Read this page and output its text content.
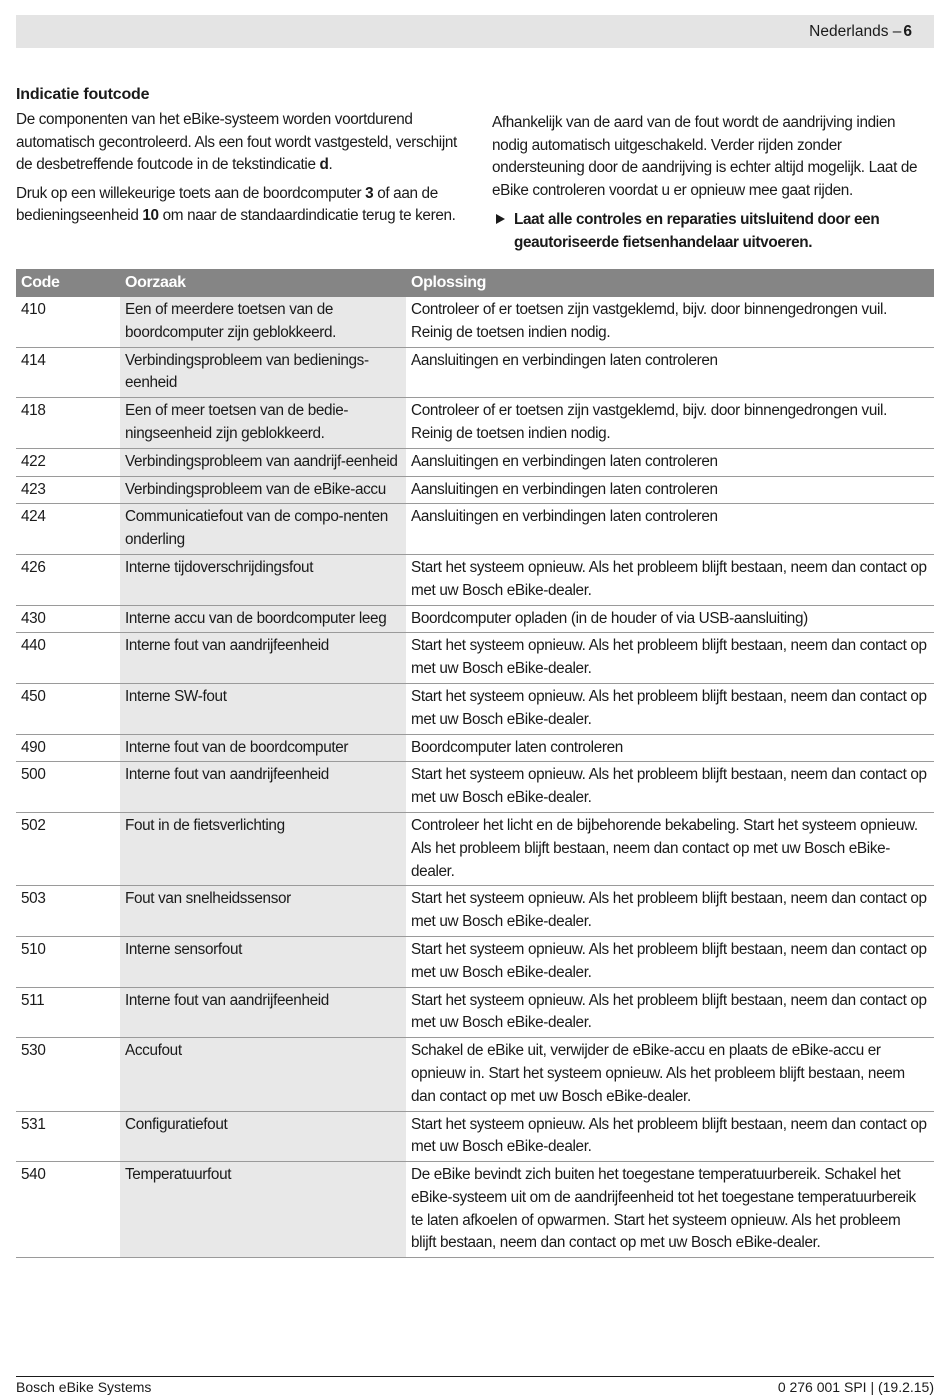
Nederlands – 6
Indicatie foutcode

De componenten van het eBike-systeem worden voortdurend automatisch gecontroleerd. Als een fout wordt vastgesteld, verschijnt de desbetreffende foutcode in de tekstindicatie d.

Druk op een willekeurige toets aan de boordcomputer 3 of aan de bedieningseenheid 10 om naar de standaardindicatie terug te keren.

Afhankelijk van de aard van de fout wordt de aandrijving indien nodig automatisch uitgeschakeld. Verder rijden zonder ondersteuning door de aandrijving is echter altijd mogelijk. Laat de eBike controleren voordat u er opnieuw mee gaat rijden.

Laat alle controles en reparaties uitsluitend door een geautoriseerde fietsenhandelaar uitvoeren.
Code	Oorzaak	Oplossing
410	Een of meerdere toetsen van de boordcomputer zijn geblokkeerd.	Controleer of er toetsen zijn vastgeklemd, bijv. door binnengedrongen vuil. Reinig de toetsen indien nodig.
414	Verbindingsprobleem van bedienings-eenheid	Aansluitingen en verbindingen laten controleren
418	Een of meer toetsen van de bedie-ningseenheid zijn geblokkeerd.	Controleer of er toetsen zijn vastgeklemd, bijv. door binnengedrongen vuil. Reinig de toetsen indien nodig.
422	Verbindingsprobleem van aandrijf-eenheid	Aansluitingen en verbindingen laten controleren
423	Verbindingsprobleem van de eBike-accu	Aansluitingen en verbindingen laten controleren
424	Communicatiefout van de compo-nenten onderling	Aansluitingen en verbindingen laten controleren
426	Interne tijdoverschrijdingsfout	Start het systeem opnieuw. Als het probleem blijft bestaan, neem dan contact op met uw Bosch eBike-dealer.
430	Interne accu van de boordcomputer leeg	Boordcomputer opladen (in de houder of via USB-aansluiting)
440	Interne fout van aandrijfeenheid	Start het systeem opnieuw. Als het probleem blijft bestaan, neem dan contact op met uw Bosch eBike-dealer.
450	Interne SW-fout	Start het systeem opnieuw. Als het probleem blijft bestaan, neem dan contact op met uw Bosch eBike-dealer.
490	Interne fout van de boordcomputer	Boordcomputer laten controleren
500	Interne fout van aandrijfeenheid	Start het systeem opnieuw. Als het probleem blijft bestaan, neem dan contact op met uw Bosch eBike-dealer.
502	Fout in de fietsverlichting	Controleer het licht en de bijbehorende bekabeling. Start het systeem opnieuw. Als het probleem blijft bestaan, neem dan contact op met uw Bosch eBike-dealer.
503	Fout van snelheidssensor	Start het systeem opnieuw. Als het probleem blijft bestaan, neem dan contact op met uw Bosch eBike-dealer.
510	Interne sensorfout	Start het systeem opnieuw. Als het probleem blijft bestaan, neem dan contact op met uw Bosch eBike-dealer.
511	Interne fout van aandrijfeenheid	Start het systeem opnieuw. Als het probleem blijft bestaan, neem dan contact op met uw Bosch eBike-dealer.
530	Accufout	Schakel de eBike uit, verwijder de eBike-accu en plaats de eBike-accu er opnieuw in. Start het systeem opnieuw. Als het probleem blijft bestaan, neem dan contact op met uw Bosch eBike-dealer.
531	Configuratiefout	Start het systeem opnieuw. Als het probleem blijft bestaan, neem dan contact op met uw Bosch eBike-dealer.
540	Temperatuurfout	De eBike bevindt zich buiten het toegestane temperatuurbereik. Schakel het eBike-systeem uit om de aandrijfeenheid tot het toegestane temperatuurbereik te laten afkoelen of opwarmen. Start het systeem opnieuw. Als het probleem blijft bestaan, neem dan contact op met uw Bosch eBike-dealer.
Bosch eBike Systems	0 276 001 SPI | (19.2.15)
